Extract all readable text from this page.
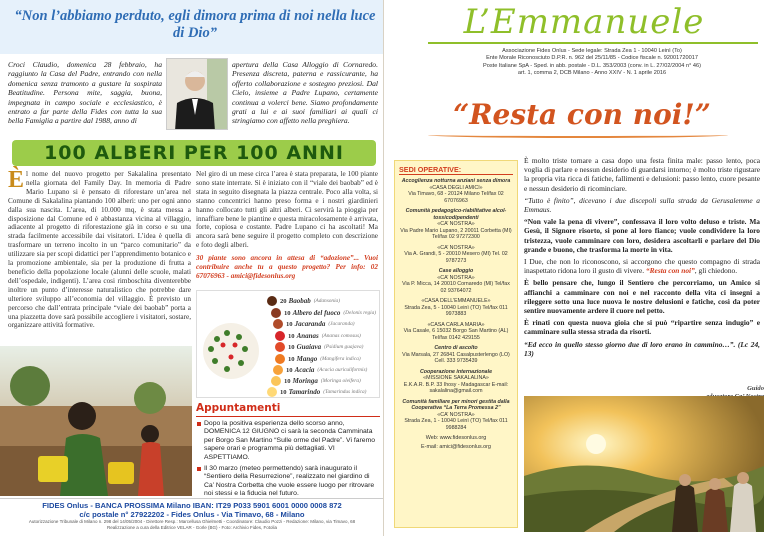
“Non l’abbiamo perduto, egli dimora prima di noi nella luce di Dio”
Croci Claudio, domenica 28 febbraio, ha raggiunto la Casa del Padre, entrando con nella domenica senza tramonto a gustare la sospirata Beatitudine. Persona mite, saggia, buona, impegnata in campo sociale e ecclesiastico, è entrato a far parte della Fides con tutta la sua bella Famiglia a partire dal 1988, anno di
apertura della Casa Alloggio di Cornaredo. Presenza discreta, paterna e rassicurante, ha offerto collaborazione e sostegno preziosi. Dal Cielo, insieme a Padre Lupano, certamente continua a volerci bene. Siamo profondamente grati a lui e ai suoi familiari ai quali ci stringiamo con affetto nella preghiera.
100 ALBERI PER 100 ANNI
È l nome del nuovo progetto per Sakalalina presentato nella giornata del Family Day. In memoria di Padre Mario Lupano si è pensato di riforestare un’area nel Comune di Sakalalina piantando 100 alberi: uno per ogni anno dalla sua nascita. L’area, di 10.000 mq, è stata messa a disposizione dal Comune ed è abbastanza vicina al villaggio, adiacente al progetto di riforestazione già in corso e su una strada facilmente accessibile dai visitatori. L’idea è quella di trasformare un terreno incolto in un “parco comunitario” da utilizzare sia per scopi didattici per l’apprendimento botanico e la promozione ambientale, sia per la produzione di frutta a beneficio della popolazione locale (alunni delle scuole, malati dell’ospedale, indigenti). L’area cosi rimboschita diventerebbe inoltre un punto d’interesse naturalistico che potrebbe dare ulteriore sviluppo all’economia del villaggio. È previsto un percorso che dall’entrata principale “viale dei baobab” porta a una piazzetta dove sarà possibile accogliere i visitatori, sostare, organizzare attività formative.
Nel giro di un mese circa l’area è stata preparata, le 100 piante sono state interrate. Si è iniziato con il “viale dei baobab” ed è stata in seguito disegnata la piazza centrale. Poco alla volta, si stanno concentrici hanno preso forma e i nostri giardinieri hanno collocato tutti gli altri alberi. Ci servirà la pioggia per innaffiare bene le piantine e questa miracolosamente è arrivata, forte, copiosa e costante. Padre Lupano ci ha ascoltati! Ma ancora sarà bene seguire il progetto completo con descrizione e foto degli alberi.
30 piante sono ancora in attesa di “adozione”... Vuoi contribuire anche tu a questo progetto? Per info: 02 67076963 - amici@fidesonlus.org
20 Baobab (Adansonia)
10 Albero del fuoco (Delonix regia)
10 Jacaranda (Jacaranda)
10 Ananas (Ananas comosus)
10 Guaiava (Psidium guajava)
10 Mango (Mangifera indica)
10 Acacia (Acacia auriculiformis)
10 Moringa (Moringa oleifera)
10 Tamarindo (Tamarindus indica)
Appuntamenti

Dopo la positiva esperienza dello scorso anno, DOMENICA 12 GIUGNO ci sarà la seconda Camminata per Borgo San Martino “Sulle orme del Padre”. Vi faremo sapere orari e programma più dettagliati. VI ASPETTIAMO.

Il 30 marzo (meteo permettendo) sarà inaugurato il “Sentiero della Resurrezione”, realizzato nel giardino di Ca’ Nostra Corbetta che vuole essere luogo per ritrovare noi stessi e la fiducia nel futuro.

FIDES Onlus - BANCA PROSSIMA Milano IBAN: IT29 P033 5901 6001 0000 0008 872
c/c postale n° 27922202 - Fides Onlus - Via Timavo, 68 - Milano
Autorizzazione Tribunale di Milano n. 298 del 14/05/2004 - Direttore Resp.: Marcellusa Ghielmetti - Coordinatore: Claudio Pozzi - Redazione: Milano, via Timavo, 68
Realizzazione a cura della Editrice VELAR - Gorle (BG) - Foto: Archivio Fides, Fotolia
L’Emmanuele
Associazione Fides Onlus - Sede legale: Strada Zea 1 - 10040 Leinì (To)
Ente Morale Riconosciuto D.P.R. n. 962 del 25/11/85 - Codice fiscale n. 92001720017
Poste Italiane SpA - Sped. in abb. postale - D.L. 353/2003 (conv. in L. 27/02/2004 n° 46)
art. 1, comma 2, DCB Milano - Anno XXIV - N. 1 aprile 2016
“Resta con noi!”
SEDI OPERATIVE:
Accoglienza notturna anziani senza dimora
«CASA DEGLI AMICI»
Via Timavo, 68 - 20124 Milano Tel/fax 02 67076963
Comunità pedagogico-riabilitative alcol-tossicodipendenti
«CA’ NOSTRA»
Via Padre Mario Lupano, 2 20011 Corbetta (MI) Tel/fax 02 97272300
«CA’ NOSTRA»
Via A. Grandi, 5 - 20010 Mesero (MI) Tel. 02 9787273
Case alloggio
«CA’ NOSTRA»
Via P. Micca, 14 20010 Cornaredo (MI) Tel/fax 02 93764072
«CASA DELL’EMMANUELE»
Strada Zea, 5 - 10040 Leinì (TO) Tel/fax 011 9973883
«CASA CARLA MARIA»
Via Casale, 6 15032 Borgo San Martino (AL) Tel/fax 0142 429155
Centro di ascolto
Via Marsala, 27 26841 Casalpusterlengo (LO) Cell. 333 9735439
Cooperazione internazionale
«MISSIONE SAKALALINA»
E.K.A.R. B.P. 33 Ihosy - Madagascar E-mail: sakalalina@gmail.com
Comunità familiare per minori gestita dalla Cooperativa “La Terra Promessa 2”
«CA’ NOSTRA»
Strada Zea, 1 - 10040 Leinì (TO) Tel/fax 011 9988284
Web: www.fidesonlus.org
E-mail: amici@fidesonlus.org

È molto triste tornare a casa dopo una festa finita male: passo lento, poca voglia di parlare e nessun desiderio di guardarsi intorno; è molto triste rigustare la propria vita ricca di fatiche, fallimenti e delusioni: passo lento, cuore pesante e nessun desiderio di ricominciare.

“Tutto è finito”, dicevano i due discepoli sulla strada da Gerusalemme a Emmaus.

“Non vale la pena di vivere”, confessava il loro volto deluso e triste. Ma Gesù, il Signore risorto, si pone al loro fianco; vuole condividere la loro tristezza, vuole camminare con loro, desidera ascoltarli e parlare del Dio grande e buono, che trasforma la morte in vita.

I Due, che non lo riconoscono, si accorgono che questo compagno di strada inaspettato ridona loro il gusto di vivere. “Resta con noi”, gli chiedono.

È bello pensare che, lungo il Sentiero che percorriamo, un Amico si affianchi a camminare con noi e nel racconto della vita ci insegni a rileggere sotto una luce nuova le nostre delusioni e fatiche, così da poter sentire nuovamente ardere il cuore nel petto.

È rinati con questa nuova gioia che si può “ripartire senza indugio” e camminare sulla stessa strada da risorti.

“Ed ecco in quello stesso giorno due di loro erano in cammino…”. (Lc 24, 13)

Guido
